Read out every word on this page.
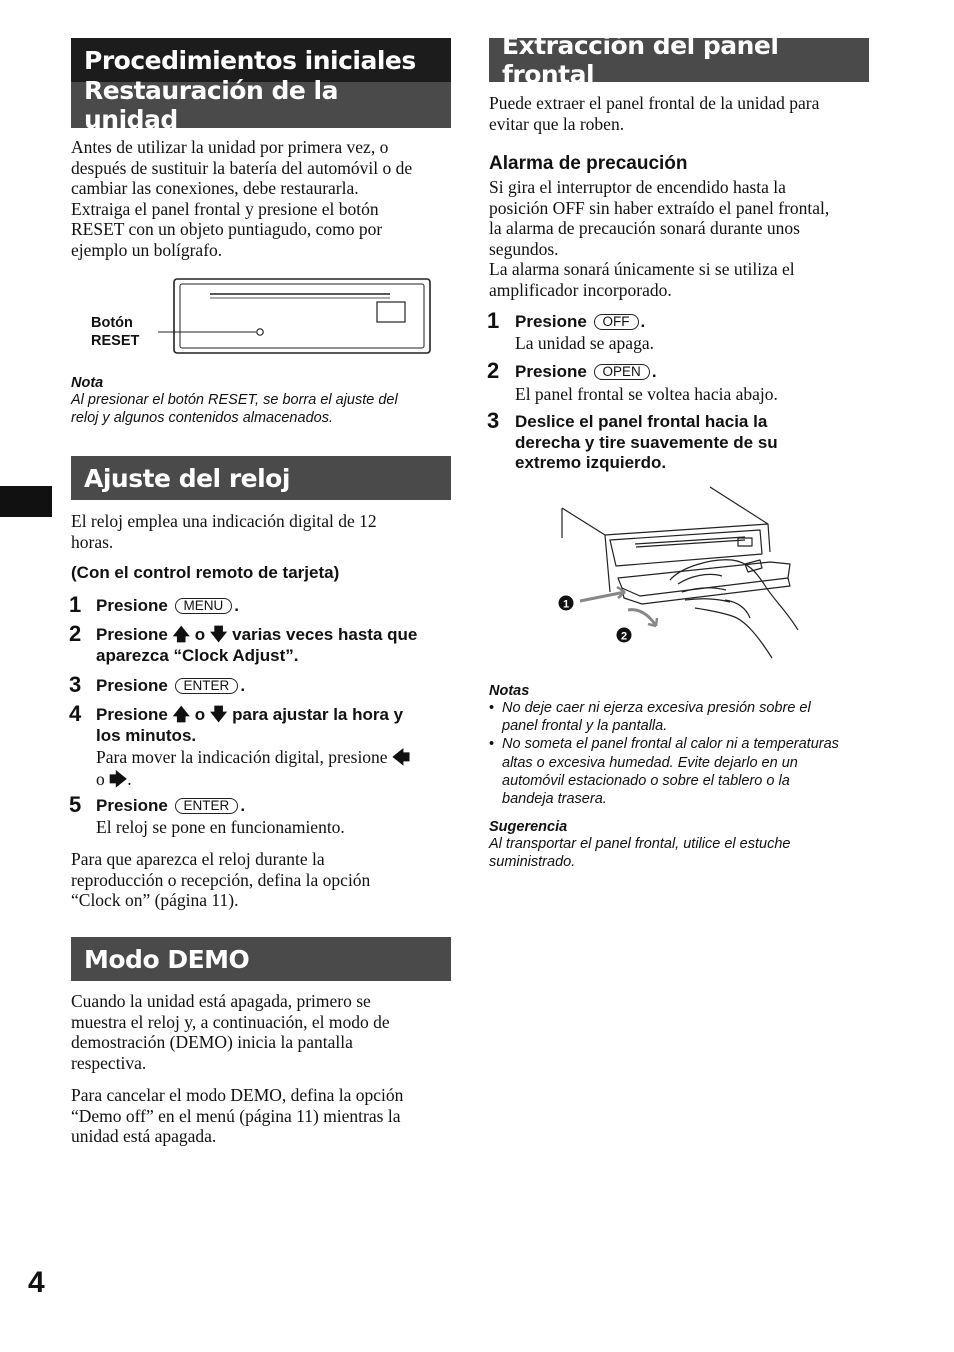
Procedimientos iniciales
Restauración de la unidad
Antes de utilizar la unidad por primera vez, o
después de sustituir la batería del automóvil o de
cambiar las conexiones, debe restaurarla.
Extraiga el panel frontal y presione el botón
RESET con un objeto puntiagudo, como por
ejemplo un bolígrafo.
Botón
RESET
Nota
Al presionar el botón RESET, se borra el ajuste del
reloj y algunos contenidos almacenados.
Ajuste del reloj
El reloj emplea una indicación digital de 12
horas.
(Con el control remoto de tarjeta)
1 Presione MENU .
2 Presione 🡅 o 🡇 varias veces hasta que
aparezca “Clock Adjust”.
3 Presione ENTER .
4 Presione 🡅 o 🡇 para ajustar la hora y
los minutos.
Para mover la indicación digital, presione 🡄
o 🡆.
5 Presione ENTER .
El reloj se pone en funcionamiento.
Para que aparezca el reloj durante la
reproducción o recepción, defina la opción
“Clock on” (página 11).
Modo DEMO
Cuando la unidad está apagada, primero se
muestra el reloj y, a continuación, el modo de
demostración (DEMO) inicia la pantalla
respectiva.
Para cancelar el modo DEMO, defina la opción
“Demo off” en el menú (página 11) mientras la
unidad está apagada.
Extracción del panel frontal
Puede extraer el panel frontal de la unidad para
evitar que la roben.
Alarma de precaución
Si gira el interruptor de encendido hasta la
posición OFF sin haber extraído el panel frontal,
la alarma de precaución sonará durante unos
segundos.
La alarma sonará únicamente si se utiliza el
amplificador incorporado.
1 Presione OFF .
La unidad se apaga.
2 Presione OPEN .
El panel frontal se voltea hacia abajo.
3 Deslice el panel frontal hacia la
derecha y tire suavemente de su
extremo izquierdo.
1
2
Notas
• No deje caer ni ejerza excesiva presión sobre el
panel frontal y la pantalla.
• No someta el panel frontal al calor ni a temperaturas
altas o excesiva humedad. Evite dejarlo en un
automóvil estacionado o sobre el tablero o la
bandeja trasera.
Sugerencia
Al transportar el panel frontal, utilice el estuche
suministrado.
4
